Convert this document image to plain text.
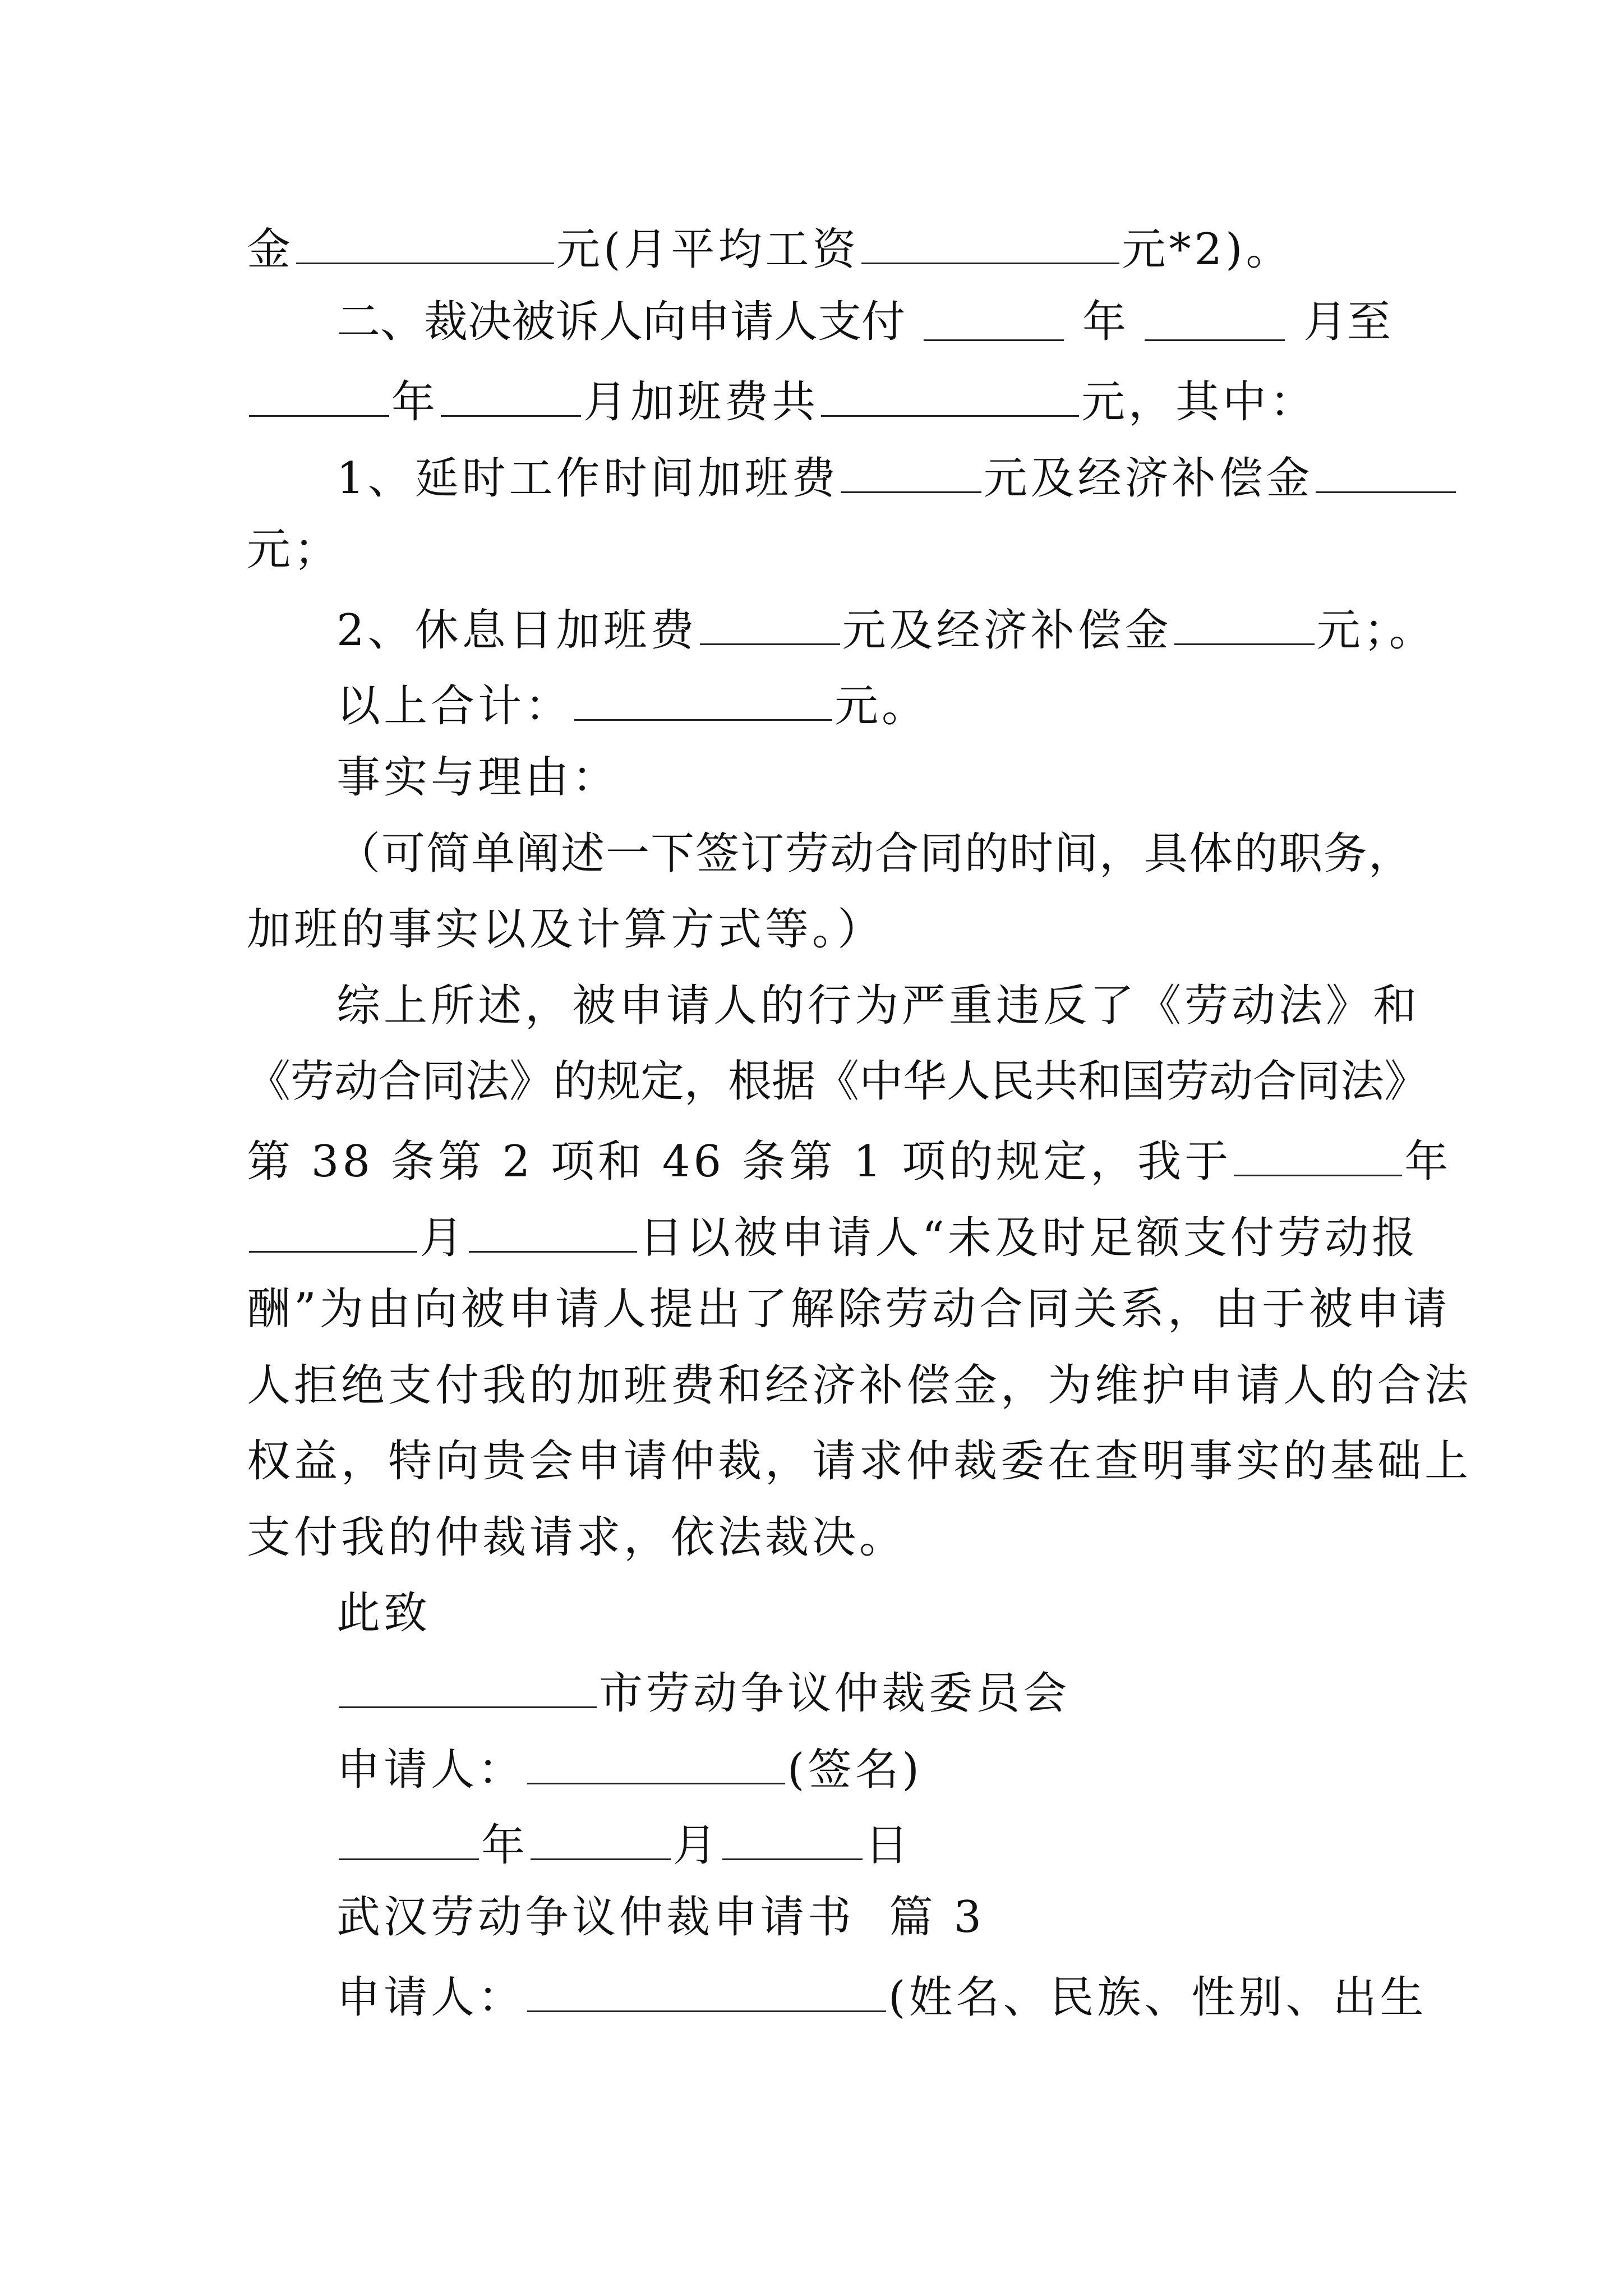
金	元(月平均工资	元*2)。
二、裁决被诉人向申请人支付	年	月至
年	月加班费共	元，其中：
1、延时工作时间加班费	元及经济补偿金
元；
2、休息日加班费	元及经济补偿金	元；。
以上合计：	元。
事实与理由：
（可简单阐述一下签订劳动合同的时间，具体的职务，
加班的事实以及计算方式等。）
综上所述，被申请人的行为严重违反了《劳动法》和
《劳动合同法》的规定，根据《中华人民共和国劳动合同法》
第 38 条第 2 项和 46 条第 1 项的规定，我于	年
月	日以被申请人“未及时足额支付劳动报
酬”为由向被申请人提出了解除劳动合同关系，由于被申请
人拒绝支付我的加班费和经济补偿金，为维护申请人的合法
权益，特向贵会申请仲裁，请求仲裁委在查明事实的基础上
支付我的仲裁请求，依法裁决。
此致
市劳动争议仲裁委员会
申请人：	(签名)
年	月	日
武汉劳动争议仲裁申请书  篇 3
申请人：	(姓名、民族、性别、出生
